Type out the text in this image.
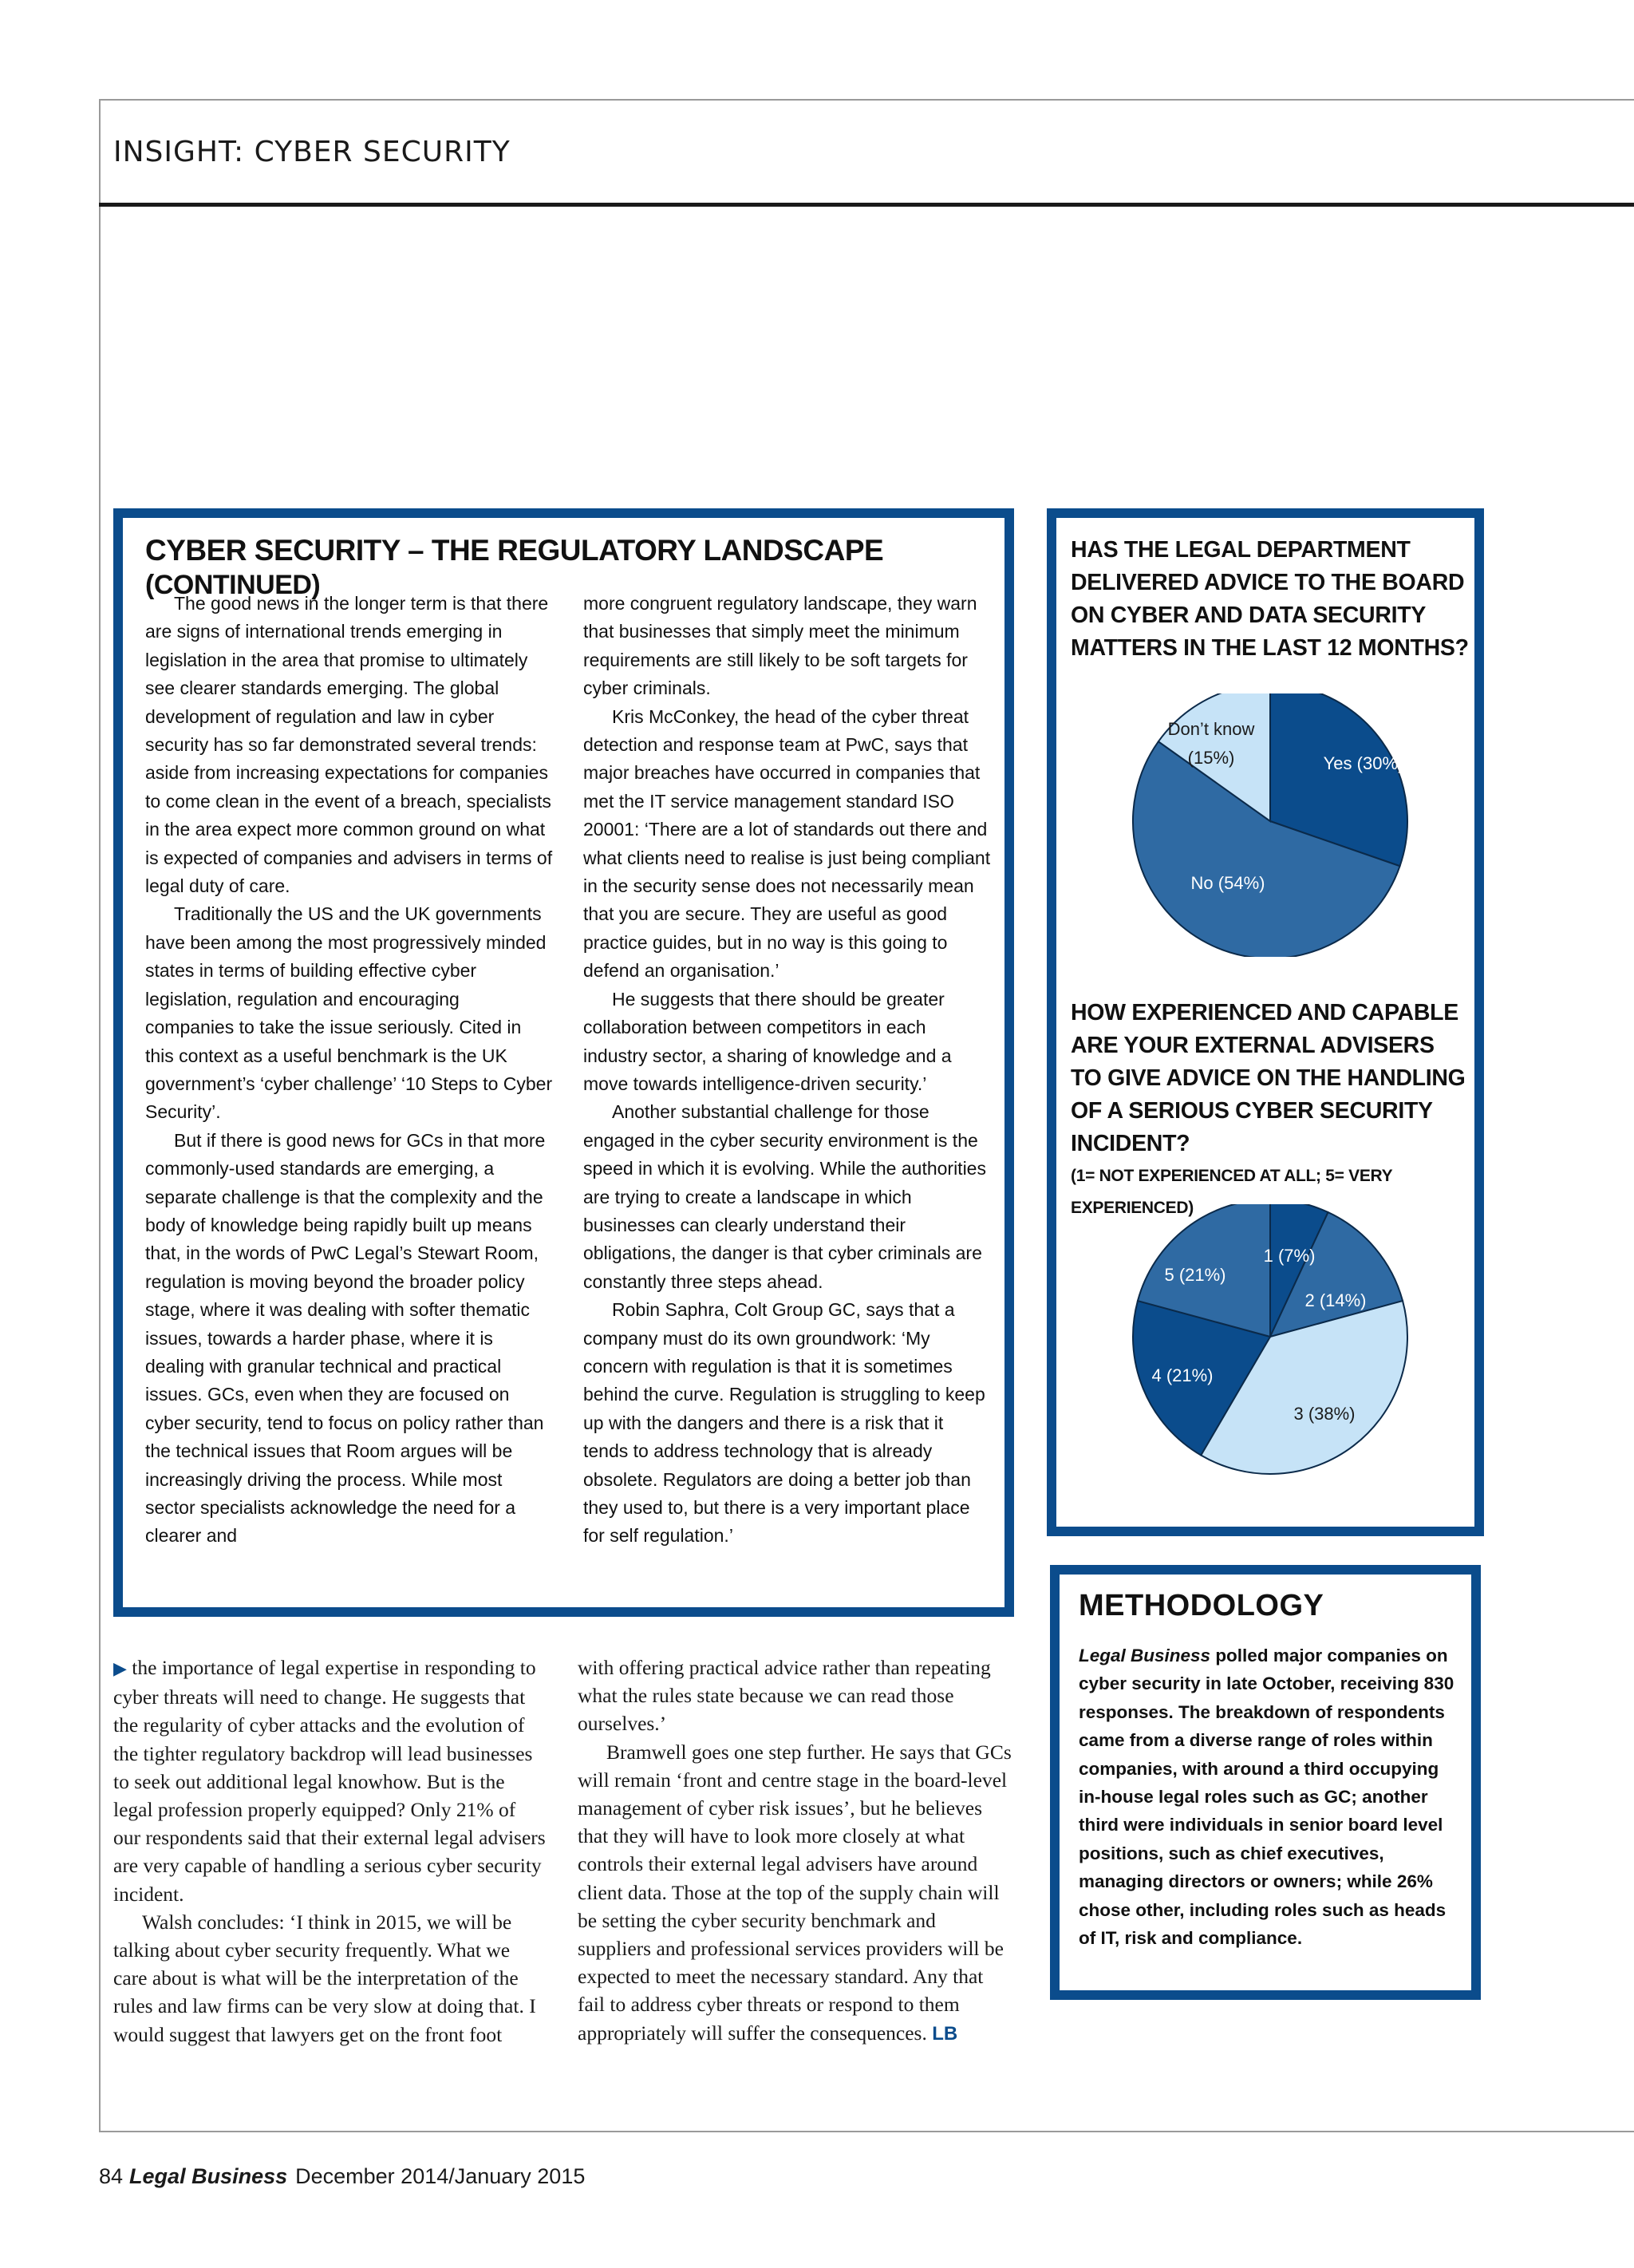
INSIGHT: CYBER SECURITY
CYBER SECURITY – THE REGULATORY LANDSCAPE (CONTINUED)

The good news in the longer term is that there are signs of international trends emerging in legislation in the area that promise to ultimately see clearer standards emerging. The global development of regulation and law in cyber security has so far demonstrated several trends: aside from increasing expectations for companies to come clean in the event of a breach, specialists in the area expect more common ground on what is expected of companies and advisers in terms of legal duty of care.

Traditionally the US and the UK governments have been among the most progressively minded states in terms of building effective cyber legislation, regulation and encouraging companies to take the issue seriously. Cited in this context as a useful benchmark is the UK government’s ‘cyber challenge’ ‘10 Steps to Cyber Security’.

But if there is good news for GCs in that more commonly-used standards are emerging, a separate challenge is that the complexity and the body of knowledge being rapidly built up means that, in the words of PwC Legal’s Stewart Room, regulation is moving beyond the broader policy stage, where it was dealing with softer thematic issues, towards a harder phase, where it is dealing with granular technical and practical issues. GCs, even when they are focused on cyber security, tend to focus on policy rather than the technical issues that Room argues will be increasingly driving the process. While most sector specialists acknowledge the need for a clearer and

more congruent regulatory landscape, they warn that businesses that simply meet the minimum requirements are still likely to be soft targets for cyber criminals.

Kris McConkey, the head of the cyber threat detection and response team at PwC, says that major breaches have occurred in companies that met the IT service management standard ISO 20001: ‘There are a lot of standards out there and what clients need to realise is just being compliant in the security sense does not necessarily mean that you are secure. They are useful as good practice guides, but in no way is this going to defend an organisation.’

He suggests that there should be greater collaboration between competitors in each industry sector, a sharing of knowledge and a move towards intelligence-driven security.’

Another substantial challenge for those engaged in the cyber security environment is the speed in which it is evolving. While the authorities are trying to create a landscape in which businesses can clearly understand their obligations, the danger is that cyber criminals are constantly three steps ahead.

Robin Saphra, Colt Group GC, says that a company must do its own groundwork: ‘My concern with regulation is that it is sometimes behind the curve. Regulation is struggling to keep up with the dangers and there is a risk that it tends to address technology that is already obsolete. Regulators are doing a better job than they used to, but there is a very important place for self regulation.’

HAS THE LEGAL DEPARTMENT DELIVERED ADVICE TO THE BOARD ON CYBER AND DATA SECURITY MATTERS IN THE LAST 12 MONTHS?
Yes (30%)
No (54%)
Don’t know
(15%)
HOW EXPERIENCED AND CAPABLE ARE YOUR EXTERNAL ADVISERS TO GIVE ADVICE ON THE HANDLING OF A SERIOUS CYBER SECURITY INCIDENT?
(1= NOT EXPERIENCED AT ALL; 5= VERY EXPERIENCED)
1 (7%)
2 (14%)
3 (38%)
4 (21%)
5 (21%)
METHODOLOGY
Legal Business polled major companies on cyber security in late October, receiving 830 responses. The breakdown of respondents came from a diverse range of roles within companies, with around a third occupying in-house legal roles such as GC; another third were individuals in senior board level positions, such as chief executives, managing directors or owners; while 26% chose other, including roles such as heads of IT, risk and compliance.

▶ the importance of legal expertise in responding to cyber threats will need to change. He suggests that the regularity of cyber attacks and the evolution of the tighter regulatory backdrop will lead businesses to seek out additional legal knowhow. But is the legal profession properly equipped? Only 21% of our respondents said that their external legal advisers are very capable of handling a serious cyber security incident.

Walsh concludes: ‘I think in 2015, we will be talking about cyber security frequently. What we care about is what will be the interpretation of the rules and law firms can be very slow at doing that. I would suggest that lawyers get on the front foot

with offering practical advice rather than repeating what the rules state because we can read those ourselves.’

Bramwell goes one step further. He says that GCs will remain ‘front and centre stage in the board-level management of cyber risk issues’, but he believes that they will have to look more closely at what controls their external legal advisers have around client data. Those at the top of the supply chain will be setting the cyber security benchmark and suppliers and professional services providers will be expected to meet the necessary standard. Any that fail to address cyber threats or respond to them appropriately will suffer the consequences. LB

84 Legal Business December 2014/January 2015
